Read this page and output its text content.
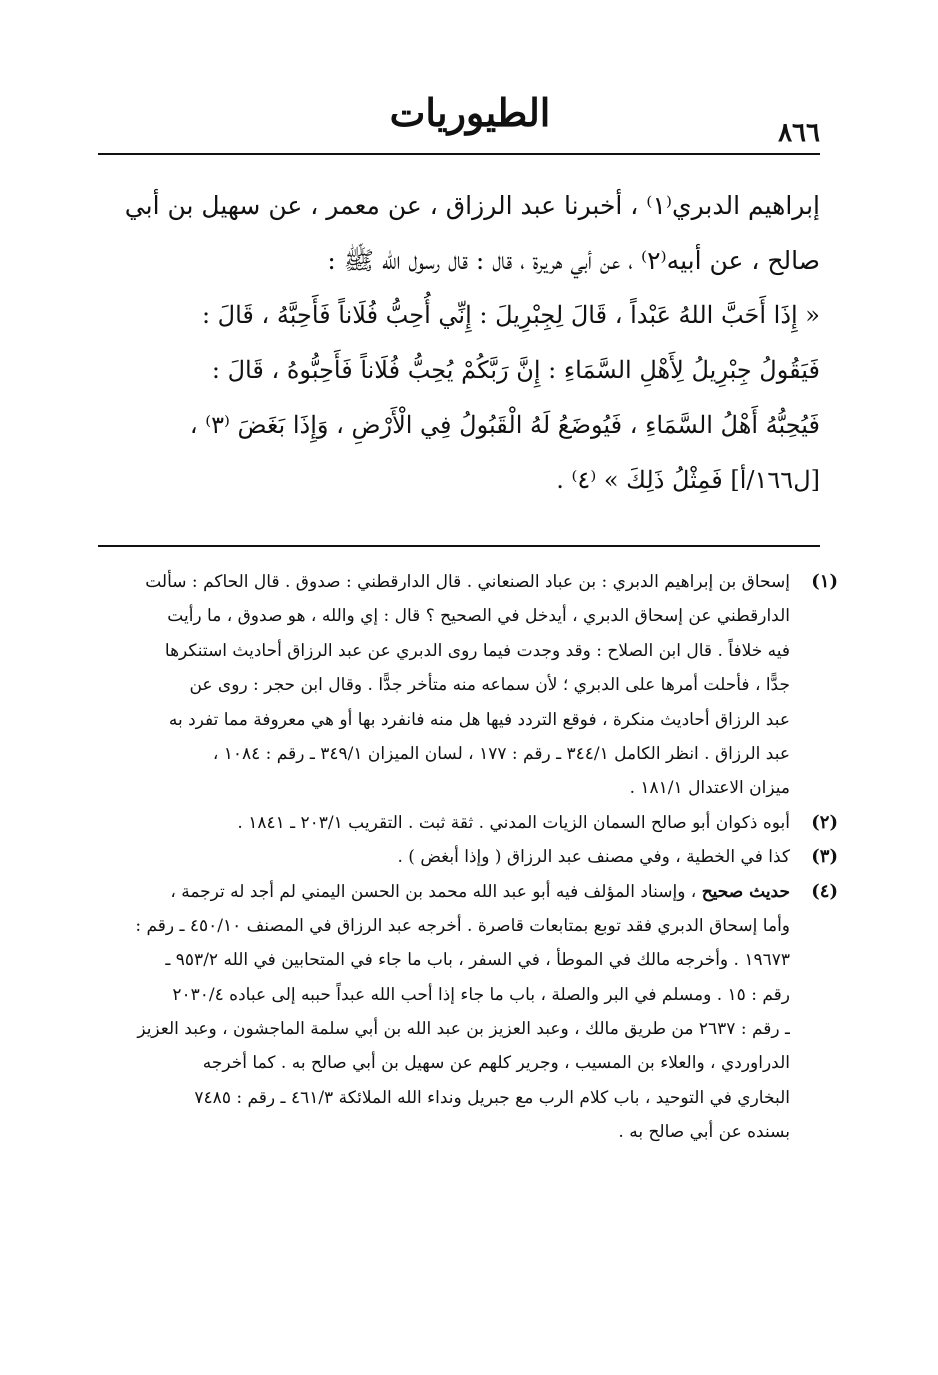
الطيوريات	٨٦٦
إبراهيم الدبري⁽١⁾ ، أخبرنا عبد الرزاق ، عن معمر ، عن سهيل بن أبي
صالح ، عن أبيه⁽٢⁾ ، عن أبي هريرة ، قال : قال رسول الله ﷺ :
« إِذَا أَحَبَّ اللهُ عَبْداً ، قَالَ لِجِبْرِيلَ : إِنِّي أُحِبُّ فُلَاناً فَأَحِبَّهُ ، قَالَ :
فَيَقُولُ جِبْرِيلُ لِأَهْلِ السَّمَاءِ : إِنَّ رَبَّكُمْ يُحِبُّ فُلَاناً فَأَحِبُّوهُ ، قَالَ :
فَيُحِبُّهُ أَهْلُ السَّمَاءِ ، فَيُوضَعُ لَهُ الْقَبُولُ فِي الْأَرْضِ ، وَإِذَا بَغَضَ ⁽٣⁾ ،
[ل١٦٦/أ] فَمِثْلُ ذَلِكَ » ⁽٤⁾ .
(١)
إسحاق بن إبراهيم الدبري : بن عباد الصنعاني . قال الدارقطني : صدوق . قال الحاكم : سألت
الدارقطني عن إسحاق الدبري ، أيدخل في الصحيح ؟ قال : إي والله ، هو صدوق ، ما رأيت
فيه خلافاً . قال ابن الصلاح : وقد وجدت فيما روى الدبري عن عبد الرزاق أحاديث استنكرها
جدًّا ، فأحلت أمرها على الدبري ؛ لأن سماعه منه متأخر جدًّا . وقال ابن حجر : روى عن
عبد الرزاق أحاديث منكرة ، فوقع التردد فيها هل منه فانفرد بها أو هي معروفة مما تفرد به
عبد الرزاق . انظر الكامل ٣٤٤/١ ـ رقم : ١٧٧ ، لسان الميزان ٣٤٩/١ ـ رقم : ١٠٨٤ ،
ميزان الاعتدال ١٨١/١ .
(٢)
أبوه ذكوان أبو صالح السمان الزيات المدني . ثقة ثبت . التقريب ٢٠٣/١ ـ ١٨٤١ .
(٣)
كذا في الخطية ، وفي مصنف عبد الرزاق ( وإذا أبغض ) .
(٤)
حديث صحيح ، وإسناد المؤلف فيه أبو عبد الله محمد بن الحسن اليمني لم أجد له ترجمة ،
وأما إسحاق الدبري فقد توبع بمتابعات قاصرة . أخرجه عبد الرزاق في المصنف ٤٥٠/١٠ ـ رقم :
١٩٦٧٣ . وأخرجه مالك في الموطأ ، في السفر ، باب ما جاء في المتحابين في الله ٩٥٣/٢ ـ
رقم : ١٥ . ومسلم في البر والصلة ، باب ما جاء إذا أحب الله عبداً حببه إلى عباده ٢٠٣٠/٤
ـ رقم : ٢٦٣٧ من طريق مالك ، وعبد العزيز بن عبد الله بن أبي سلمة الماجشون ، وعبد العزيز
الدراوردي ، والعلاء بن المسيب ، وجرير كلهم عن سهيل بن أبي صالح به . كما أخرجه
البخاري في التوحيد ، باب كلام الرب مع جبريل ونداء الله الملائكة ٤٦١/٣ ـ رقم : ٧٤٨٥
بسنده عن أبي صالح به .
